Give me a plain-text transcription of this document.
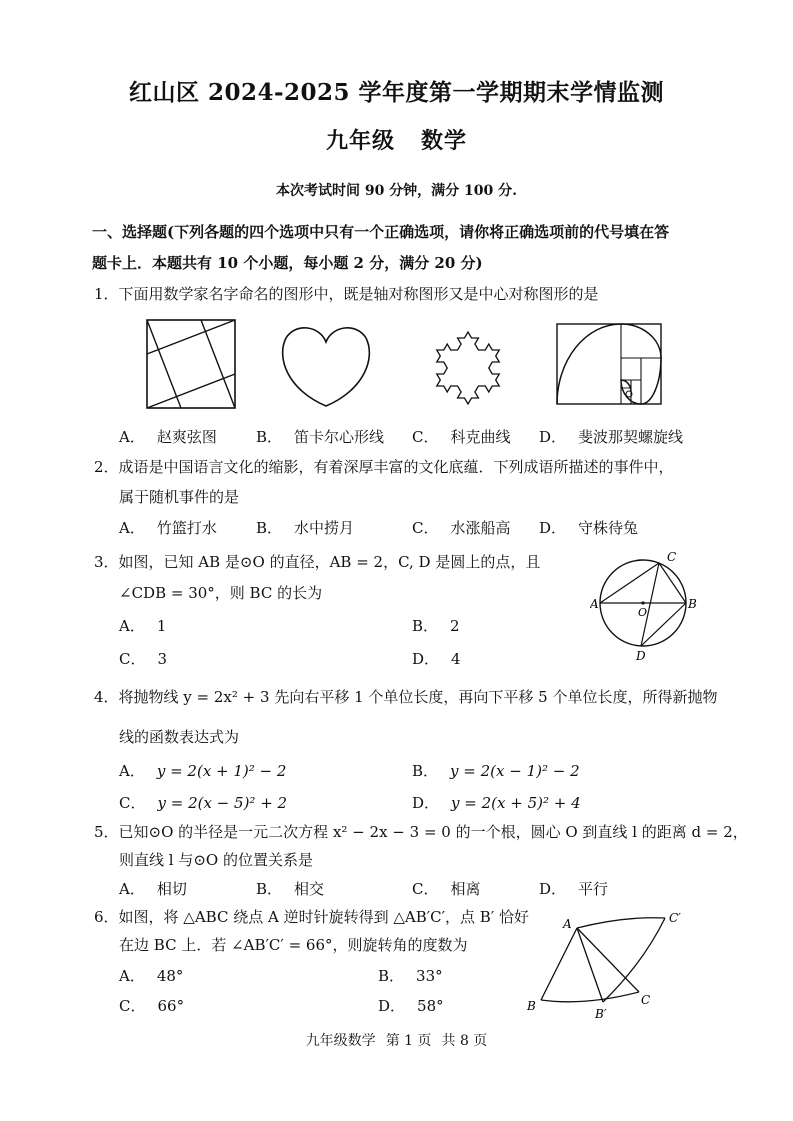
红山区 2024-2025 学年度第一学期期末学情监测
九年级 数学
本次考试时间 90 分钟，满分 100 分.
一、选择题(下列各题的四个选项中只有一个正确选项，请你将正确选项前的代号填在答
题卡上．本题共有 10 个小题，每小题 2 分，满分 20 分)
1．下面用数学家名字命名的图形中，既是轴对称图形又是中心对称图形的是
A． 赵爽弦图	B． 笛卡尔心形线 C． 科克曲线 D． 斐波那契螺旋线
2．成语是中国语言文化的缩影，有着深厚丰富的文化底蕴．下列成语所描述的事件中，
属于随机事件的是
A． 竹篮打水	B． 水中捞月	C． 水涨船高 D． 守株待兔
3．如图，已知 AB 是⊙O 的直径，AB = 2，C, D 是圆上的点，且
∠CDB = 30°，则 BC 的长为
A． 1	B． 2
C． 3	D． 4
C
A	B
O
D
4．将抛物线 y = 2x² + 3 先向右平移 1 个单位长度，再向下平移 5 个单位长度，所得新抛物
线的函数表达式为
A． y = 2(x + 1)² − 2	B． y = 2(x − 1)² − 2
C． y = 2(x − 5)² + 2	D． y = 2(x + 5)² + 4
5．已知⊙O 的半径是一元二次方程 x² − 2x − 3 = 0 的一个根，圆心 O 到直线 l 的距离 d = 2，
则直线 l 与⊙O 的位置关系是
A． 相切	B． 相交	C． 相离	D． 平行
6．如图，将 △ABC 绕点 A 逆时针旋转得到 △AB′C′，点 B′ 恰好
在边 BC 上．若 ∠AB′C′ = 66°，则旋转角的度数为
A． 48°	B． 33°
C． 66°	D． 58°
A	C′
B	C
B′
九年级数学 第 1 页 共 8 页
